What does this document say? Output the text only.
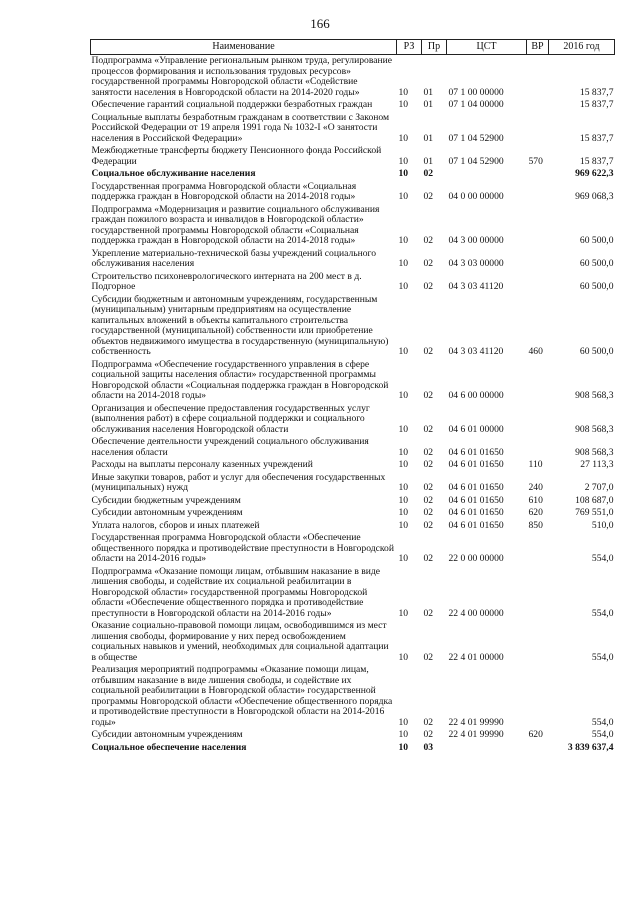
166
Наименование	РЗ	Пр	ЦСТ	ВР	2016 год
Подпрограмма «Управление региональным рынком труда, регулирование процессов формирования и использования трудовых ресурсов» государственной программы Новгородской области «Содействие занятости населения в Новгородской области на 2014-2020 годы»	10	01	07 1 00 00000		15 837,7
Обеспечение гарантий социальной поддержки безработных граждан	10	01	07 1 04 00000		15 837,7
Социальные выплаты безработным гражданам в соответствии с Законом Российской Федерации от 19 апреля 1991 года № 1032-I «О занятости населения в Российской Федерации»	10	01	07 1 04 52900		15 837,7
Межбюджетные трансферты бюджету Пенсионного фонда Российской Федерации	10	01	07 1 04 52900	570	15 837,7
Социальное обслуживание населения	10	02			969 622,3
Государственная программа Новгородской области «Социальная поддержка граждан в Новгородской области на 2014-2018 годы»	10	02	04 0 00 00000		969 068,3
Подпрограмма «Модернизация и развитие социального обслуживания граждан пожилого возраста и инвалидов в Новгородской области» государственной программы Новгородской области «Социальная поддержка граждан в Новгородской области на 2014-2018 годы»	10	02	04 3 00 00000		60 500,0
Укрепление материально-технической базы учреждений социального обслуживания населения	10	02	04 3 03 00000		60 500,0
Строительство психоневрологического интерната на 200 мест в д. Подгорное	10	02	04 3 03 41120		60 500,0
Субсидии бюджетным и автономным учреждениям, государственным (муниципальным) унитарным предприятиям на осуществление капитальных вложений в объекты капитального строительства государственной (муниципальной) собственности или приобретение объектов недвижимого имущества в государственную (муниципальную) собственность	10	02	04 3 03 41120	460	60 500,0
Подпрограмма «Обеспечение государственного управления в сфере социальной защиты населения области» государственной программы Новгородской области «Социальная поддержка граждан в Новгородской области на 2014-2018 годы»	10	02	04 6 00 00000		908 568,3
Организация и обеспечение предоставления государственных услуг (выполнения работ) в сфере социальной поддержки и социального обслуживания населения Новгородской области	10	02	04 6 01 00000		908 568,3
Обеспечение деятельности учреждений социального обслуживания населения области	10	02	04 6 01 01650		908 568,3
Расходы на выплаты персоналу казенных учреждений	10	02	04 6 01 01650	110	27 113,3
Иные закупки товаров, работ и услуг для обеспечения государственных (муниципальных) нужд	10	02	04 6 01 01650	240	2 707,0
Субсидии бюджетным учреждениям	10	02	04 6 01 01650	610	108 687,0
Субсидии автономным учреждениям	10	02	04 6 01 01650	620	769 551,0
Уплата налогов, сборов и иных платежей	10	02	04 6 01 01650	850	510,0
Государственная программа Новгородской области «Обеспечение общественного порядка и противодействие преступности в Новгородской области на 2014-2016 годы»	10	02	22 0 00 00000		554,0
Подпрограмма «Оказание помощи лицам, отбывшим наказание в виде лишения свободы, и содействие их социальной реабилитации в Новгородской области» государственной программы Новгородской области «Обеспечение общественного порядка и противодействие преступности в Новгородской области на 2014-2016 годы»	10	02	22 4 00 00000		554,0
Оказание социально-правовой помощи лицам, освободившимся из мест лишения свободы, формирование у них перед освобождением социальных навыков и умений, необходимых для социальной адаптации в обществе	10	02	22 4 01 00000		554,0
Реализация мероприятий подпрограммы «Оказание помощи лицам, отбывшим наказание в виде лишения свободы, и содействие их социальной реабилитации в Новгородской области» государственной программы Новгородской области «Обеспечение общественного порядка и противодействие преступности в Новгородской области на 2014-2016 годы»	10	02	22 4 01 99990		554,0
Субсидии автономным учреждениям	10	02	22 4 01 99990	620	554,0
Социальное обеспечение населения	10	03			3 839 637,4
